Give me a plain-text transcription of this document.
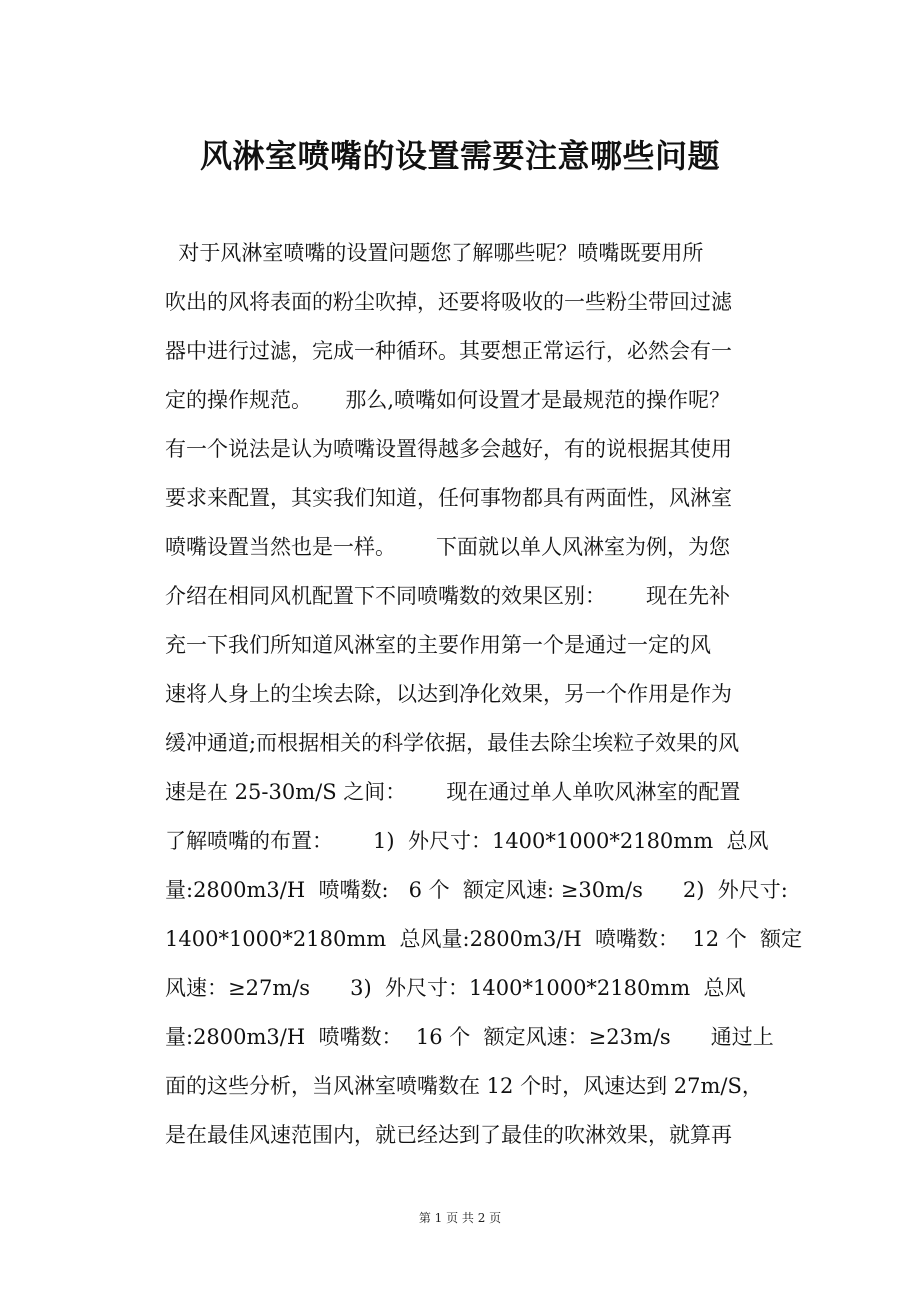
风淋室喷嘴的设置需要注意哪些问题
对于风淋室喷嘴的设置问题您了解哪些呢？喷嘴既要用所
吹出的风将表面的粉尘吹掉，还要将吸收的一些粉尘带回过滤
器中进行过滤，完成一种循环。其要想正常运行，必然会有一
定的操作规范。     那么,喷嘴如何设置才是最规范的操作呢？
有一个说法是认为喷嘴设置得越多会越好，有的说根据其使用
要求来配置，其实我们知道，任何事物都具有两面性，风淋室
喷嘴设置当然也是一样。      下面就以单人风淋室为例，为您
介绍在相同风机配置下不同喷嘴数的效果区别：      现在先补
充一下我们所知道风淋室的主要作用第一个是通过一定的风
速将人身上的尘埃去除，以达到净化效果，另一个作用是作为
缓冲通道;而根据相关的科学依据，最佳去除尘埃粒子效果的风
速是在 25-30m/S 之间：      现在通过单人单吹风淋室的配置
了解喷嘴的布置：      1)  外尺寸：1400*1000*2180mm  总风
量:2800m3/H  喷嘴数:   6 个  额定风速: ≥30m/s      2)  外尺寸:
1400*1000*2180mm  总风量:2800m3/H  喷嘴数：  12 个  额定
风速：≥27m/s      3)  外尺寸：1400*1000*2180mm  总风
量:2800m3/H  喷嘴数：  16 个  额定风速：≥23m/s      通过上
面的这些分析，当风淋室喷嘴数在 12 个时，风速达到 27m/S，
是在最佳风速范围内，就已经达到了最佳的吹淋效果，就算再
第 1 页 共 2 页
